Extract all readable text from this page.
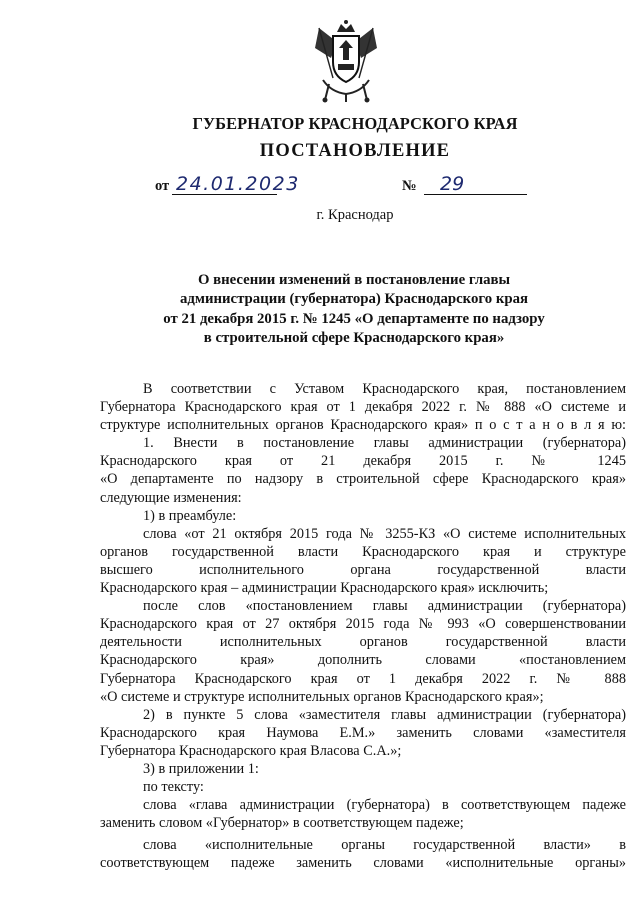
ГУБЕРНАТОР КРАСНОДАРСКОГО КРАЯ
ПОСТАНОВЛЕНИЕ
от 24.01.2023	№ 29
г. Краснодар
О внесении изменений в постановление главы
администрации (губернатора) Краснодарского края
от 21 декабря 2015 г. № 1245 «О департаменте по надзору
в строительной сфере Краснодарского края»
В соответствии с Уставом Краснодарского края, постановлением
Губернатора Краснодарского края от 1 декабря 2022 г. № 888 «О системе и
структуре исполнительных органов Краснодарского края» п о с т а н о в л я ю:
1. Внести в постановление главы администрации (губернатора)
Краснодарского края от 21 декабря 2015 г. № 1245
«О департаменте по надзору в строительной сфере Краснодарского края»
следующие изменения:
1) в преамбуле:
слова «от 21 октября 2015 года № 3255-КЗ «О системе исполнительных
органов государственной власти Краснодарского края и структуре
высшего исполнительного органа государственной власти
Краснодарского края – администрации Краснодарского края» исключить;
после слов «постановлением главы администрации (губернатора)
Краснодарского края от 27 октября 2015 года № 993 «О совершенствовании
деятельности исполнительных органов государственной власти
Краснодарского края» дополнить словами «постановлением
Губернатора Краснодарского края от 1 декабря 2022 г. № 888
«О системе и структуре исполнительных органов Краснодарского края»;
2) в пункте 5 слова «заместителя главы администрации (губернатора)
Краснодарского края Наумова Е.М.» заменить словами «заместителя
Губернатора Краснодарского края Власова С.А.»;
3) в приложении 1:
по тексту:
слова «глава администрации (губернатора) в соответствующем падеже
заменить словом «Губернатор» в соответствующем падеже;
слова «исполнительные органы государственной власти» в
соответствующем падеже заменить словами «исполнительные органы»
